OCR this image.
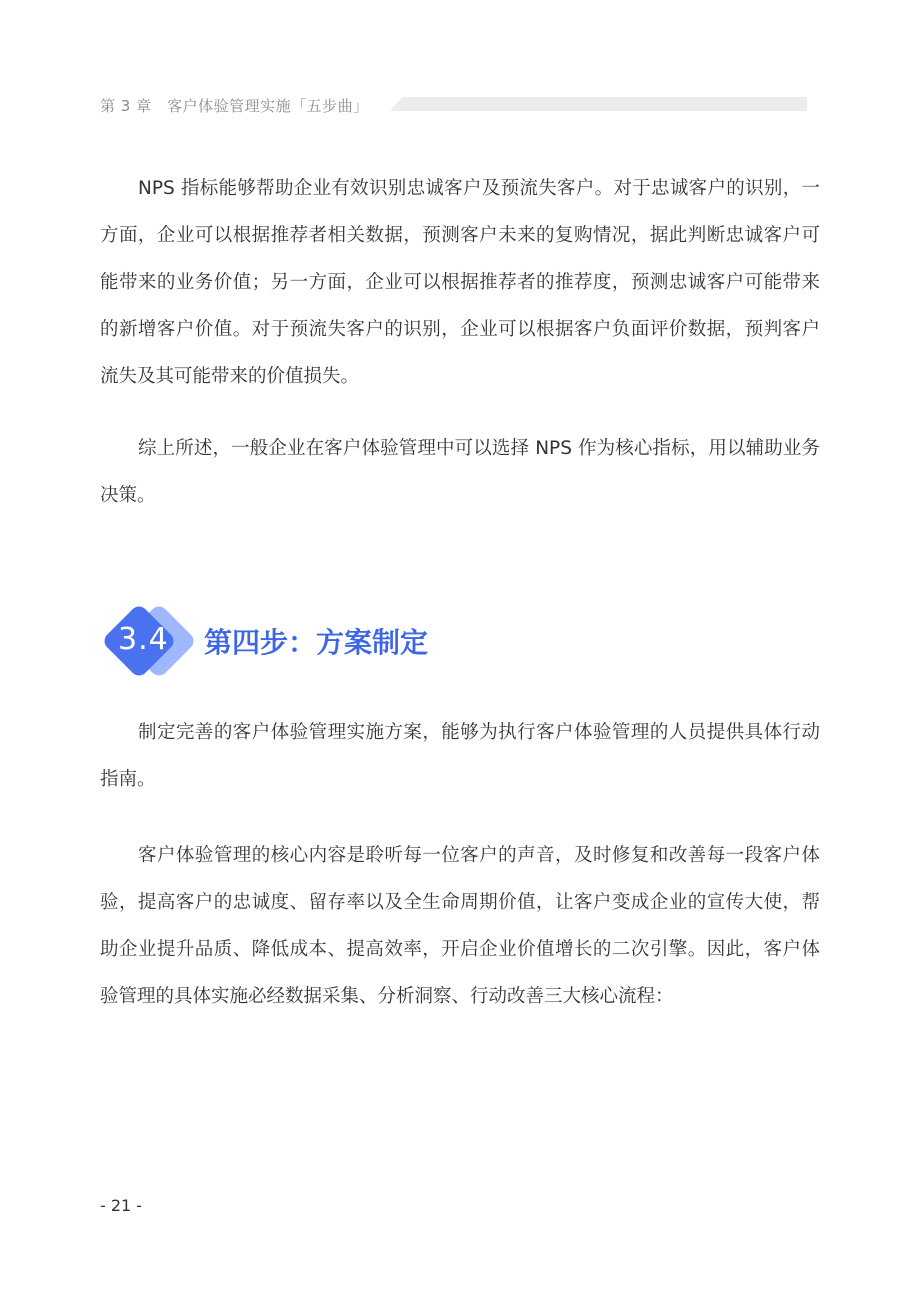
第 3 章　客户体验管理实施「五步曲」

NPS 指标能够帮助企业有效识别忠诚客户及预流失客户。对于忠诚客户的识别，一方面，企业可以根据推荐者相关数据，预测客户未来的复购情况，据此判断忠诚客户可能带来的业务价值；另一方面，企业可以根据推荐者的推荐度，预测忠诚客户可能带来的新增客户价值。对于预流失客户的识别，企业可以根据客户负面评价数据，预判客户流失及其可能带来的价值损失。

综上所述，一般企业在客户体验管理中可以选择 NPS 作为核心指标，用以辅助业务决策。

3.4 第四步：方案制定

制定完善的客户体验管理实施方案，能够为执行客户体验管理的人员提供具体行动指南。

客户体验管理的核心内容是聆听每一位客户的声音，及时修复和改善每一段客户体验，提高客户的忠诚度、留存率以及全生命周期价值，让客户变成企业的宣传大使，帮助企业提升品质、降低成本、提高效率，开启企业价值增长的二次引擎。因此，客户体验管理的具体实施必经数据采集、分析洞察、行动改善三大核心流程：

- 21 -
